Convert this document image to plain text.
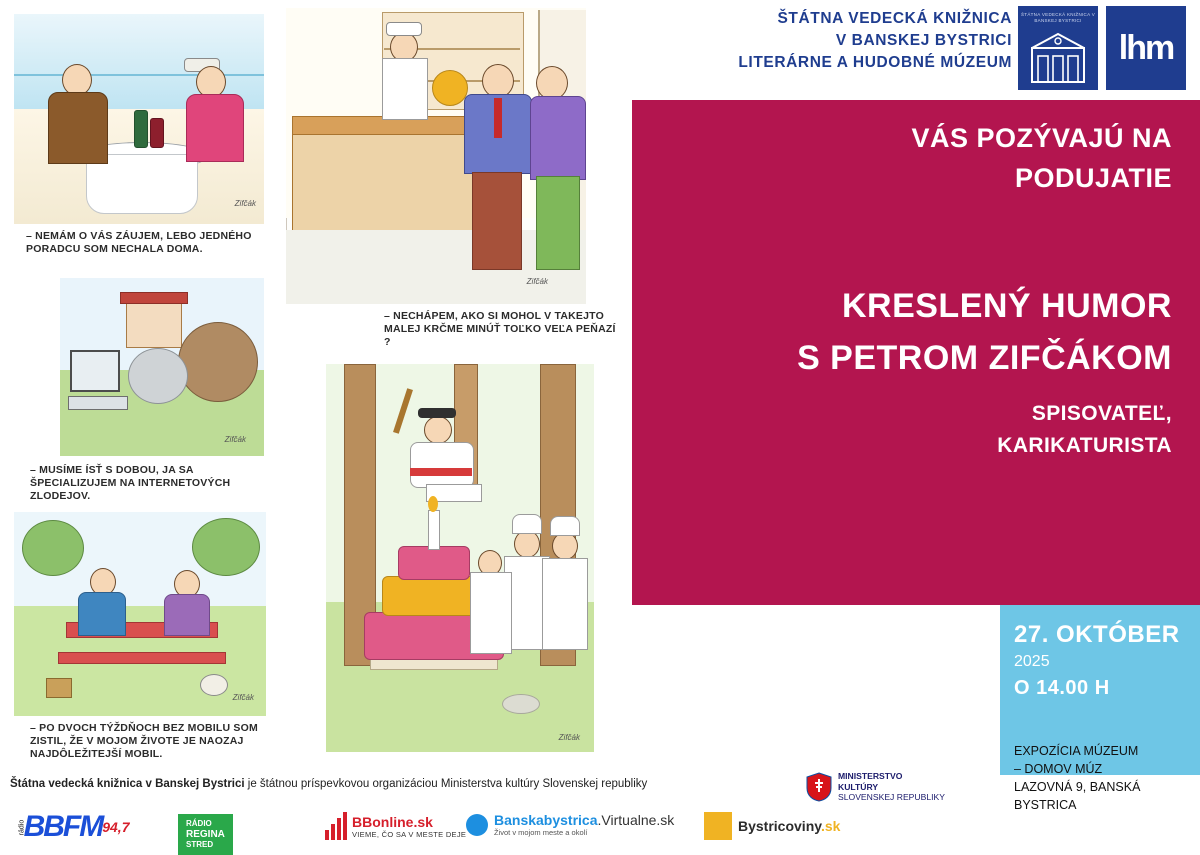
Zifčák
– NEMÁM O VÁS ZÁUJEM, LEBO JEDNÉHO PORADCU SOM NECHALA DOMA.
Zifčák
– NECHÁPEM, AKO SI MOHOL V TAKEJTO MALEJ KRČME MINÚŤ TOĽKO VEĽA PEŇAZÍ ?
Zifčák
– MUSÍME ÍSŤ S DOBOU, JA SA ŠPECIALIZUJEM NA INTERNETOVÝCH ZLODEJOV.
Zifčák
– PO DVOCH TÝŽDŇOCH BEZ MOBILU SOM ZISTIL, ŽE V MOJOM ŽIVOTE JE NAOZAJ NAJDÔLEŽITEJŠÍ MOBIL.
Zifčák
ŠTÁTNA VEDECKÁ KNIŽNICA
V BANSKEJ BYSTRICI
LITERÁRNE A HUDOBNÉ MÚZEUM
ŠTÁTNA VEDECKÁ KNIŽNICA V BANSKEJ BYSTRICI
lhm
VÁS POZÝVAJÚ NA
PODUJATIE
KRESLENÝ HUMOR
S PETROM ZIFČÁKOM
SPISOVATEĽ,
KARIKATURISTA
27. OKTÓBER
2025
O 14.00 H
EXPOZÍCIA MÚZEUM
– DOMOV MÚZ
LAZOVNÁ 9, BANSKÁ BYSTRICA
Štátna vedecká knižnica v Banskej Bystrici je štátnou príspevkovou organizáciou Ministerstva kultúry Slovenskej republiky
MINISTERSTVO
KULTÚRY
SLOVENSKEJ REPUBLIKY
rádio
BBFM 94,7	RÁDIO
REGINA
STRED
BBonline.sk
VIEME, ČO SA V MESTE DEJE
Banskabystrica.Virtualne.sk
Život v mojom meste a okolí	Bystricoviny.sk
